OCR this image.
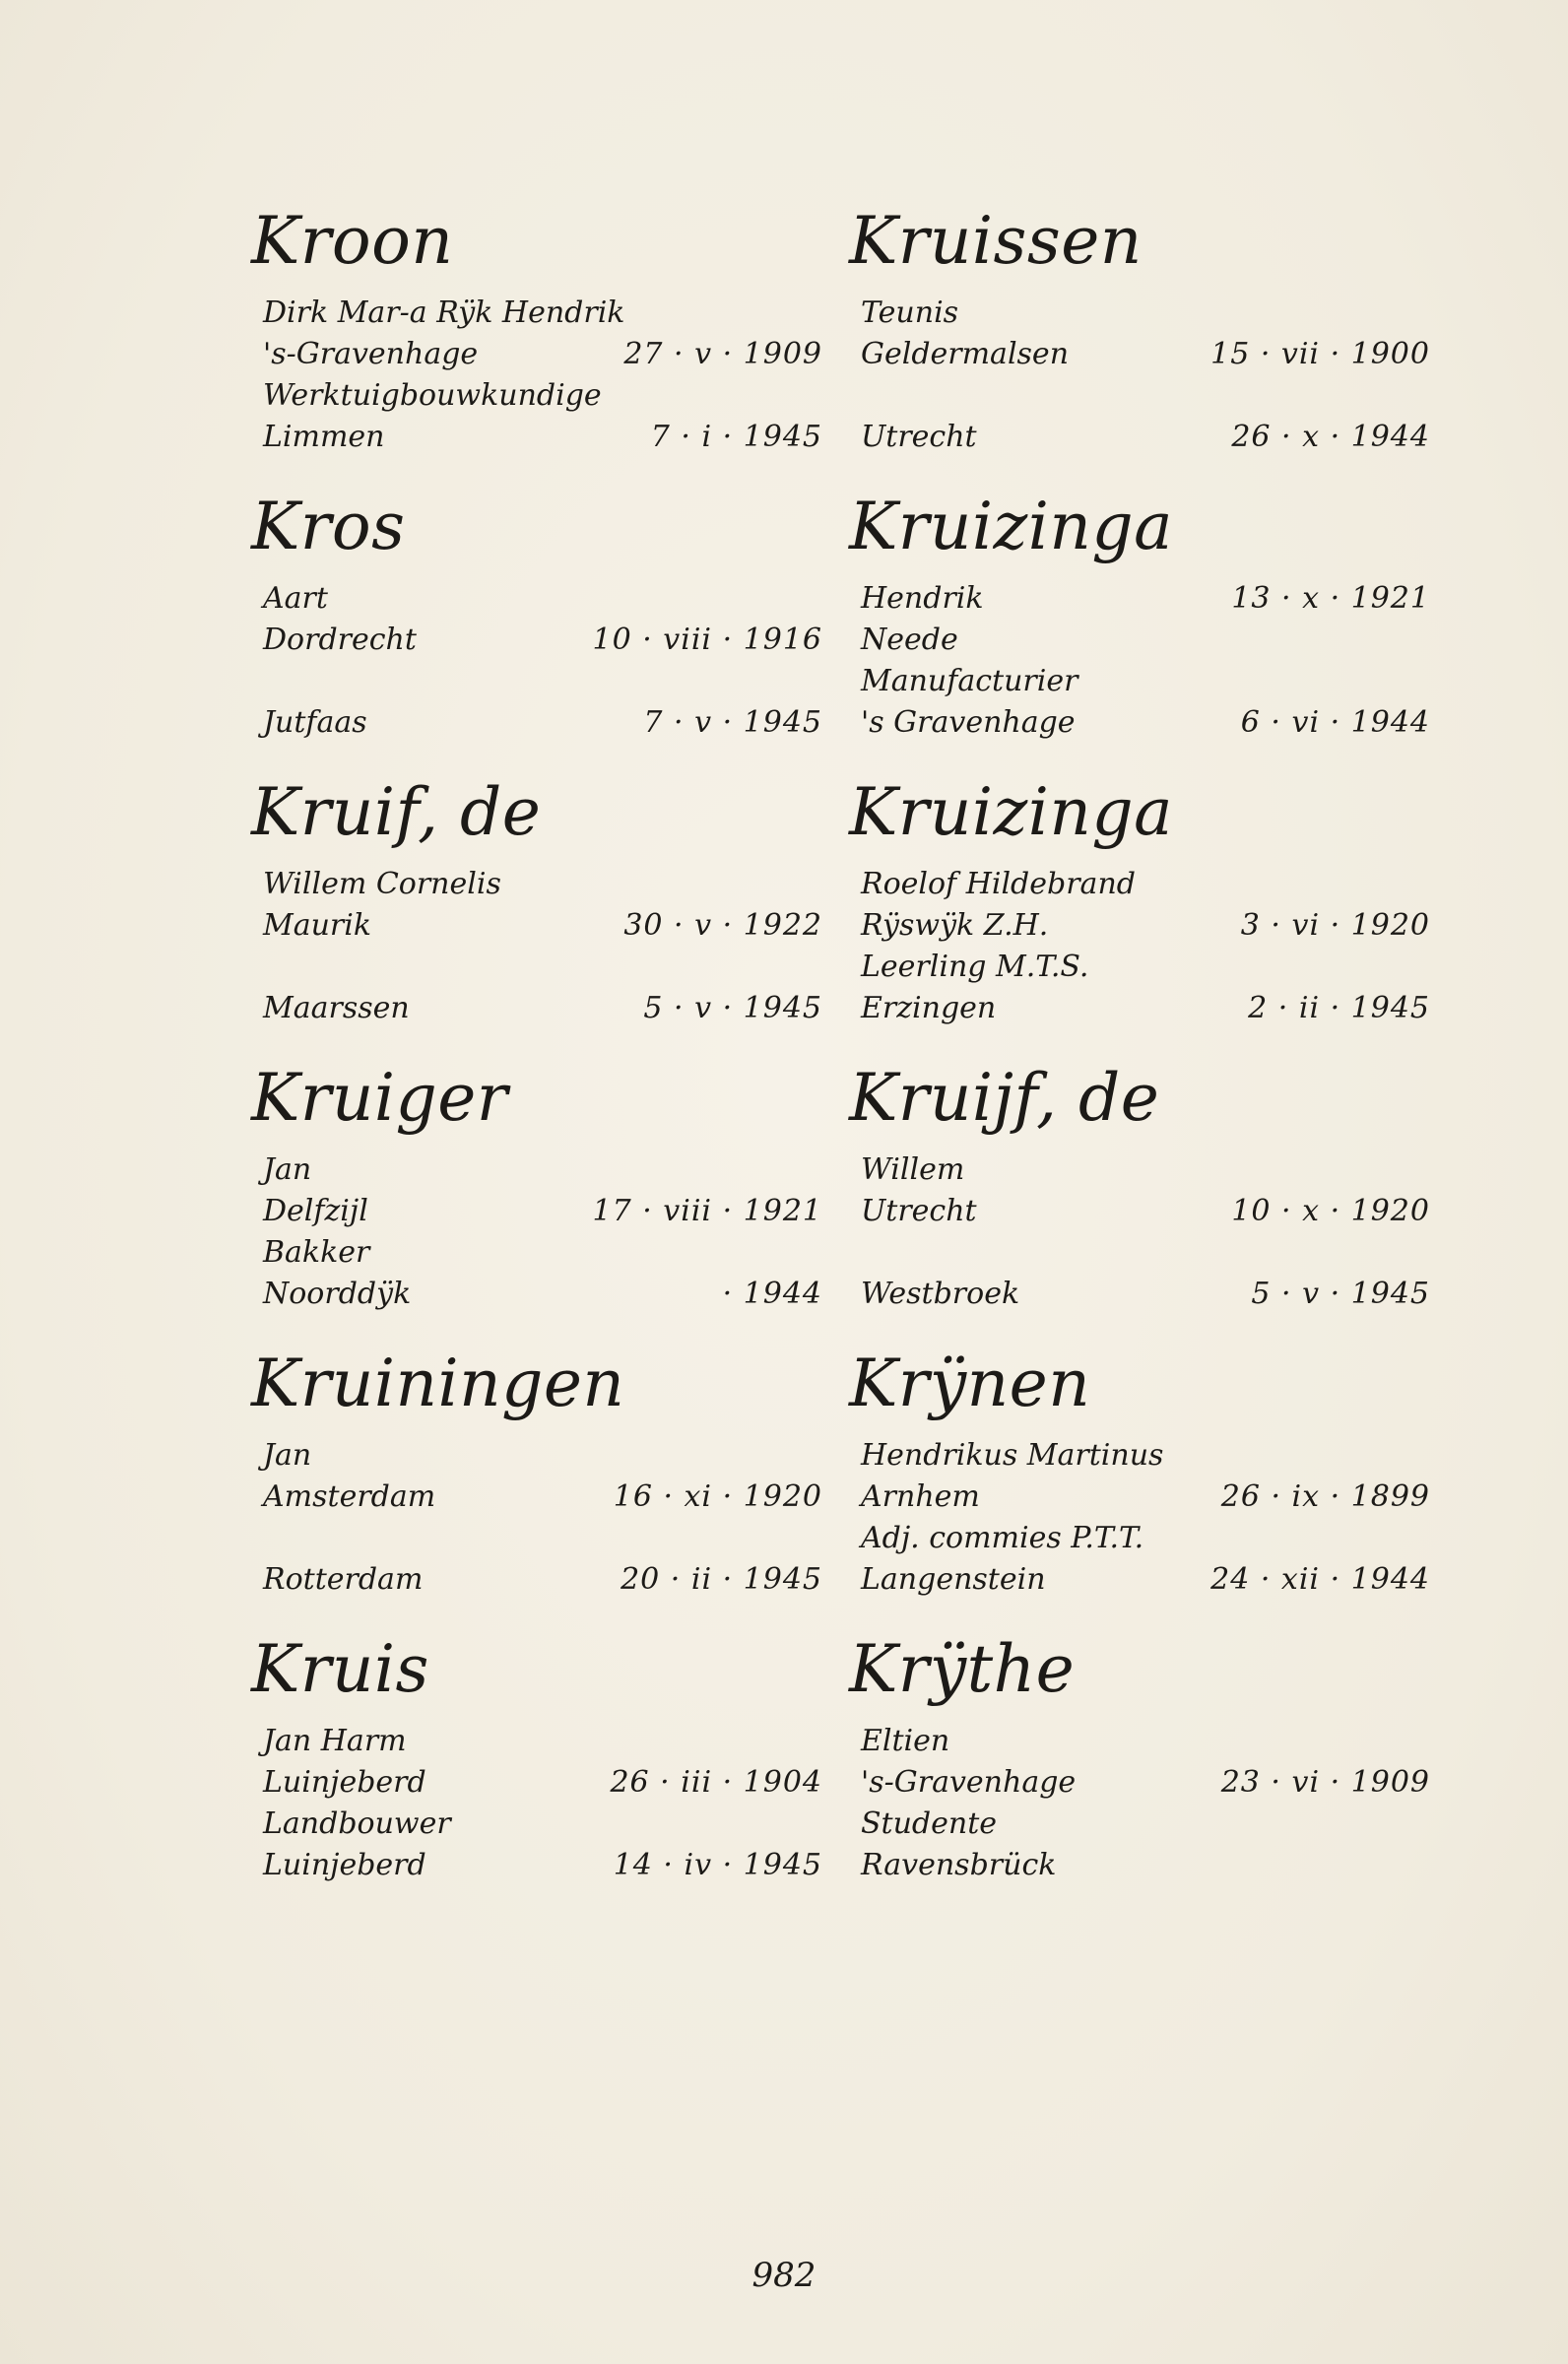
Kroon
Dirk Mar-a Rÿk Hendrik
's-Gravenhage	27 · v · 1909
Werktuigbouwkundige
Limmen	7 · i · 1945
Kros
Aart
Dordrecht	10 · viii · 1916
Jutfaas	7 · v · 1945
Kruif, de
Willem Cornelis
Maurik	30 · v · 1922
Maarssen	5 · v · 1945
Kruiger
Jan
Delfzijl	17 · viii · 1921
Bakker
Noorddÿk	· 1944
Kruiningen
Jan
Amsterdam	16 · xi · 1920
Rotterdam	20 · ii · 1945
Kruis
Jan Harm
Luinjeberd	26 · iii · 1904
Landbouwer
Luinjeberd	14 · iv · 1945
Kruissen
Teunis
Geldermalsen	15 · vii · 1900
Utrecht	26 · x · 1944
Kruizinga
Hendrik	13 · x · 1921
Neede
Manufacturier
's Gravenhage	6 · vi · 1944
Kruizinga
Roelof Hildebrand
Rÿswÿk Z.H.	3 · vi · 1920
Leerling M.T.S.
Erzingen	2 · ii · 1945
Kruijf, de
Willem
Utrecht	10 · x · 1920
Westbroek	5 · v · 1945
Krÿnen
Hendrikus Martinus
Arnhem	26 · ix · 1899
Adj. commies P.T.T.
Langenstein	24 · xii · 1944
Krÿthe
Eltien
's-Gravenhage	23 · vi · 1909
Studente
Ravensbrück
982
